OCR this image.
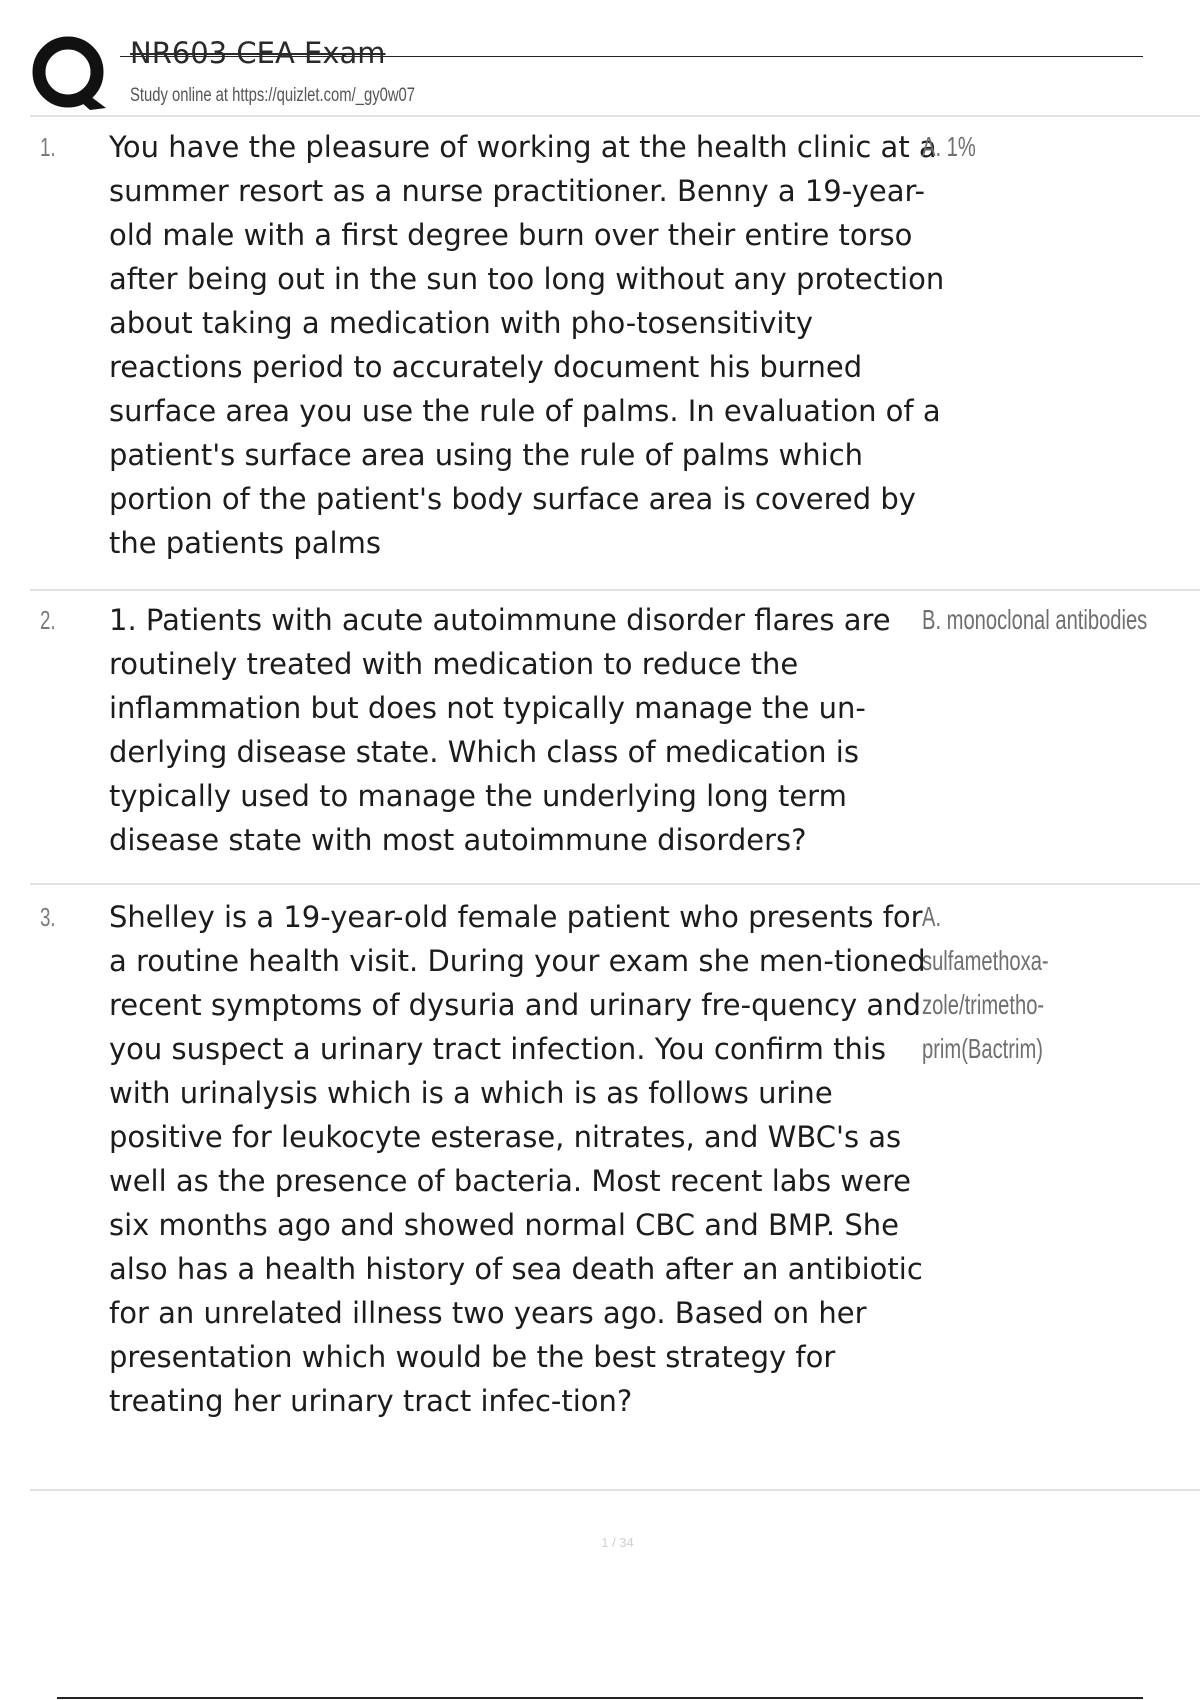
NR603 CEA Exam
Study online at https://quizlet.com/_gy0w07
1. You have the pleasure of working at the health clinic at a summer resort as a nurse practitioner. Benny a 19-year-old male with a first degree burn over their entire torso after being out in the sun too long without any protection about taking a medication with pho-tosensitivity reactions period to accurately document his burned surface area you use the rule of palms. In evaluation of a patient's surface area using the rule of palms which portion of the patient's body surface area is covered by the patients palms

A. 1%

2. 1. Patients with acute autoimmune disorder flares are routinely treated with medication to reduce the inflammation but does not typically manage the un-derlying disease state. Which class of medication is typically used to manage the underlying long term disease state with most autoimmune disorders?

B. monoclonal antibodies

3. Shelley is a 19-year-old female patient who presents for a routine health visit. During your exam she men-tioned recent symptoms of dysuria and urinary fre-quency and you suspect a urinary tract infection. You confirm this with urinalysis which is a which is as follows urine positive for leukocyte esterase, nitrates, and WBC's as well as the presence of bacteria. Most recent labs were six months ago and showed normal CBC and BMP. She also has a health history of sea death after an antibiotic for an unrelated illness two years ago. Based on her presentation which would be the best strategy for treating her urinary tract infec-tion?

A. sulfamethoxa-zole/trimetho-prim(Bactrim)

1 / 34
